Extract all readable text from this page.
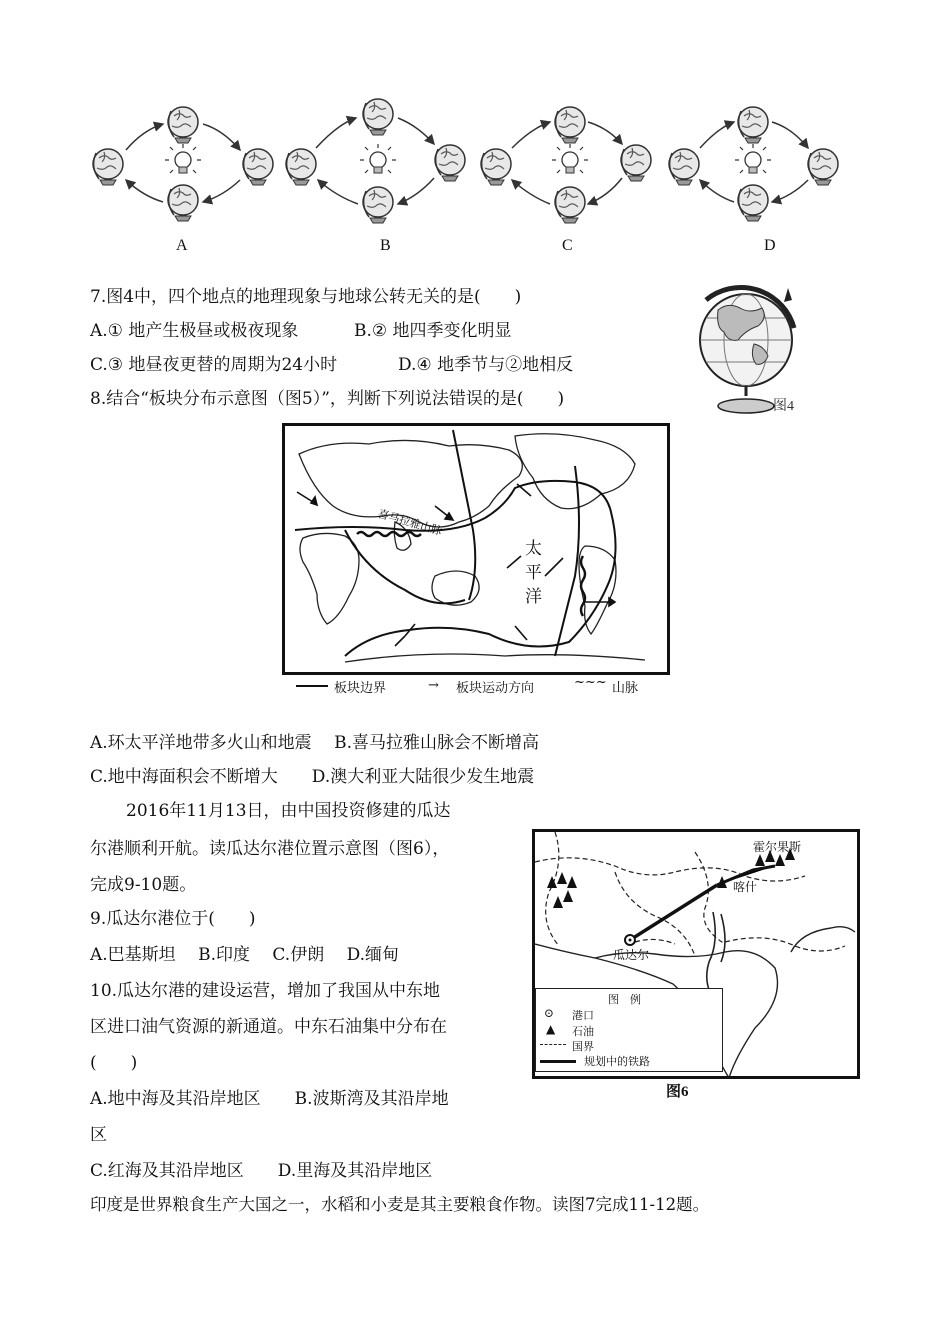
A	B	C	D
7.图4中，四个地点的地理现象与地球公转无关的是(　　)
A.① 地产生极昼或极夜现象	B.② 地四季变化明显
C.③ 地昼夜更替的周期为24小时	D.④ 地季节与②地相反
图4
8.结合“板块分布示意图（图5）”，判断下列说法错误的是(　　)
喜马拉雅山脉
太
平
洋
板块边界	→ 板块运动方向	~~~ 山脉
A.环太平洋地带多火山和地震　 B.喜马拉雅山脉会不断增高
C.地中海面积会不断增大　　D.澳大利亚大陆很少发生地震
2016年11月13日，由中国投资修建的瓜达
尔港顺利开航。读瓜达尔港位置示意图（图6），
完成9-10题。
9.瓜达尔港位于(　　)
A.巴基斯坦　 B.印度　 C.伊朗　 D.缅甸
10.瓜达尔港的建设运营，增加了我国从中东地
区进口油气资源的新通道。中东石油集中分布在
(　　)
A.地中海及其沿岸地区　　B.波斯湾及其沿岸地
区
C.红海及其沿岸地区　　D.里海及其沿岸地区
霍尔果斯
喀什
瓜达尔
图　例
⊙ 港口
▲ 石油
国界
规划中的铁路
图6
印度是世界粮食生产大国之一，水稻和小麦是其主要粮食作物。读图7完成11-12题。
